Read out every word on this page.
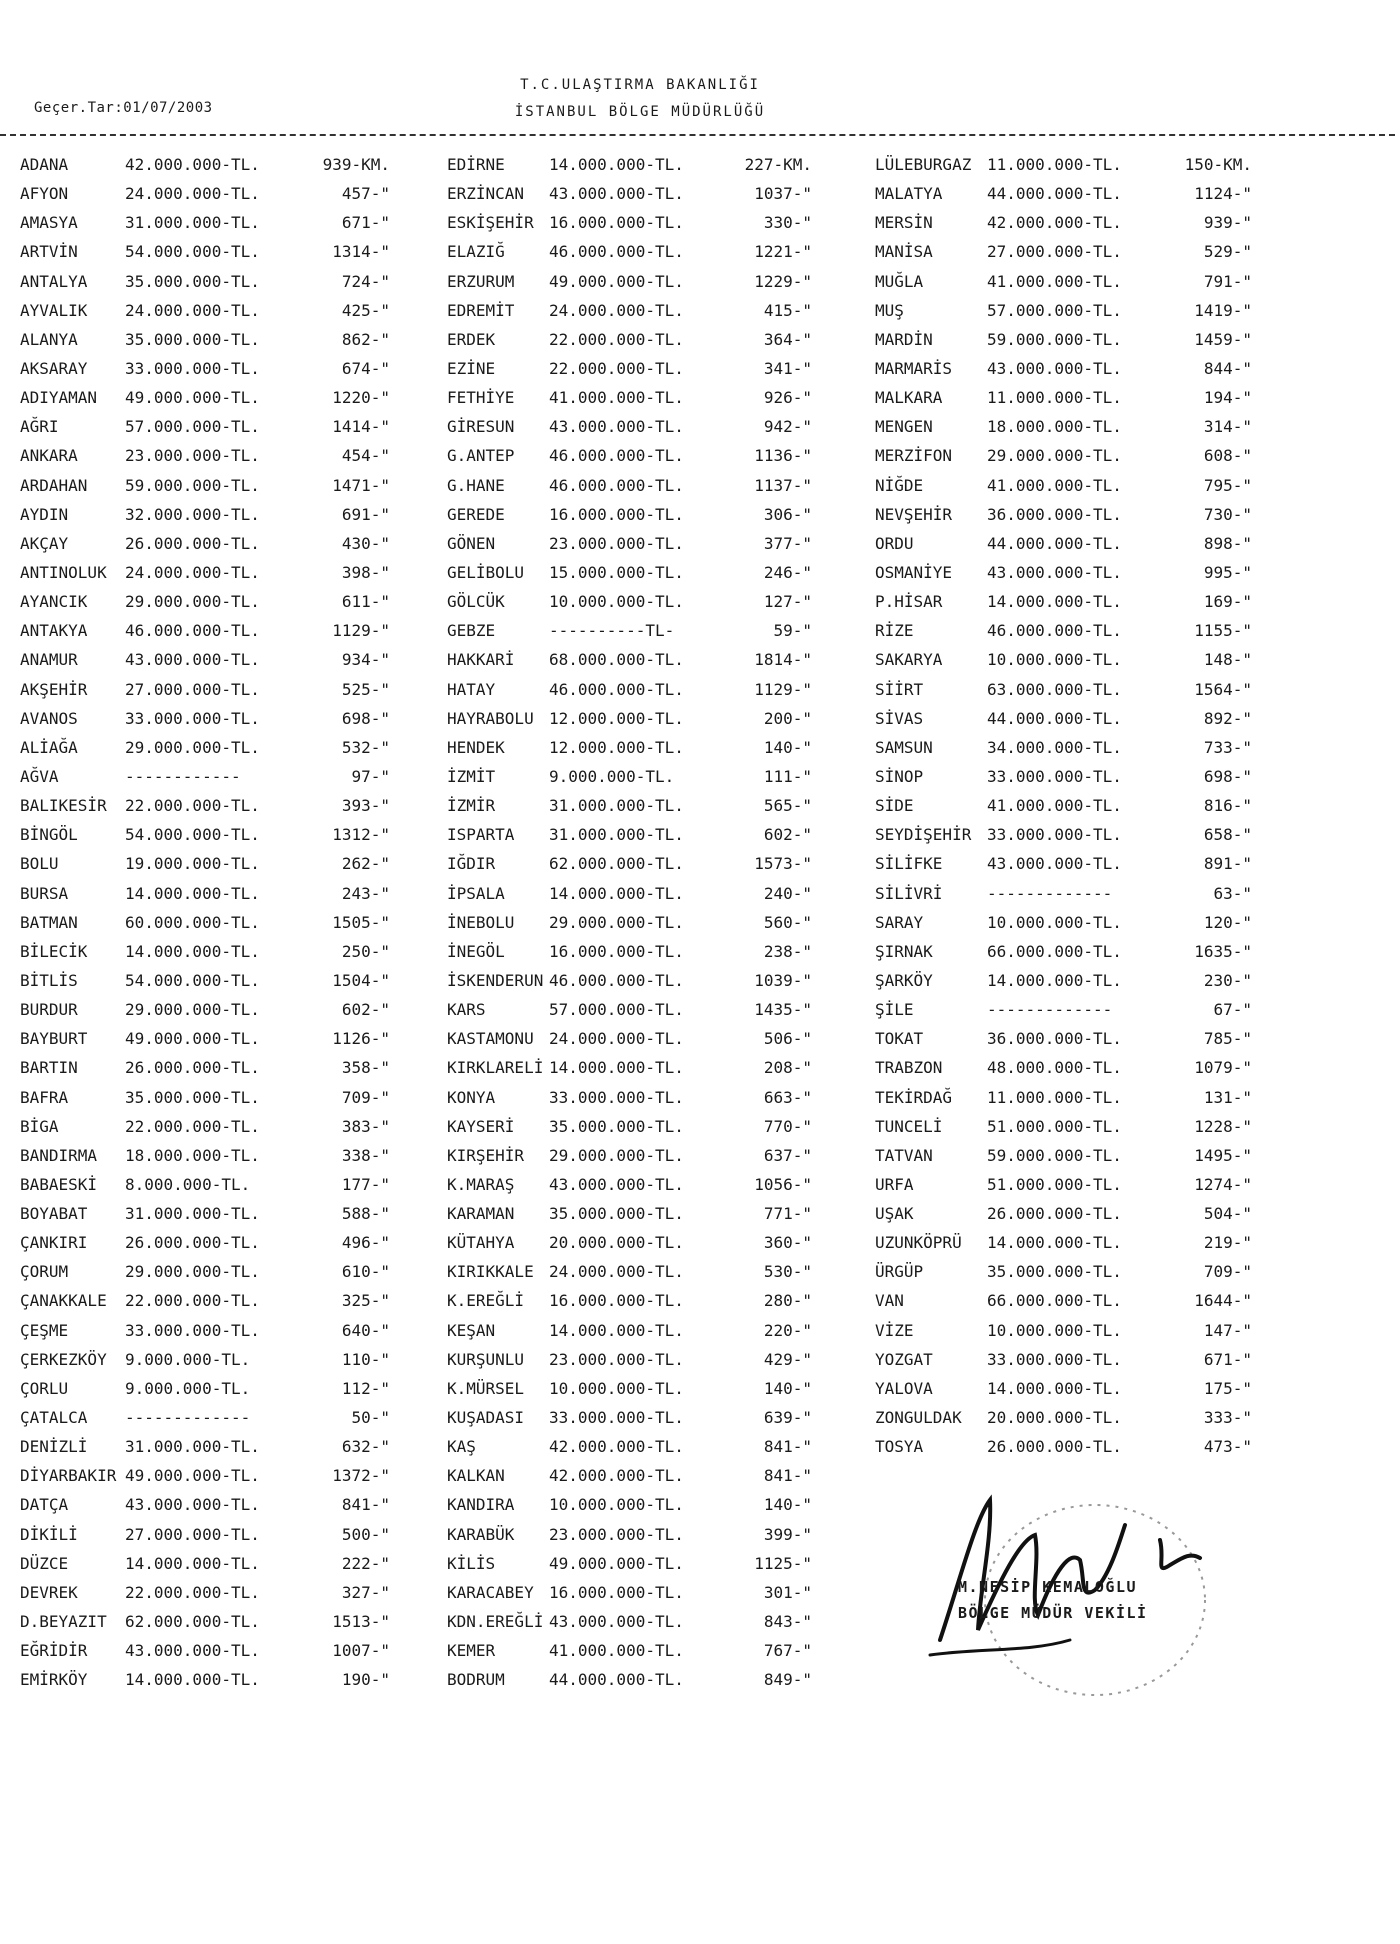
Geçer.Tar:01/07/2003
T.C.ULAŞTIRMA BAKANLIĞI
İSTANBUL BÖLGE MÜDÜRLÜĞÜ
ADANA	42.000.000-TL.	939-KM.
AFYON	24.000.000-TL.	457-"
AMASYA	31.000.000-TL.	671-"
ARTVİN	54.000.000-TL.	1314-"
ANTALYA 35.000.000-TL.	724-"
AYVALIK 24.000.000-TL.	425-"
ALANYA	35.000.000-TL.	862-"
AKSARAY 33.000.000-TL.	674-"
ADIYAMAN 49.000.000-TL.	1220-"
AĞRI	57.000.000-TL.	1414-"
ANKARA	23.000.000-TL.	454-"
ARDAHAN 59.000.000-TL.	1471-"
AYDIN	32.000.000-TL.	691-"
AKÇAY	26.000.000-TL.	430-"
ANTINOLUK 24.000.000-TL.	398-"
AYANCIK 29.000.000-TL.	611-"
ANTAKYA 46.000.000-TL.	1129-"
ANAMUR	43.000.000-TL.	934-"
AKŞEHİR 27.000.000-TL.	525-"
AVANOS	33.000.000-TL.	698-"
ALİAĞA	29.000.000-TL.	532-"
AĞVA	------------	97-"
BALIKESİR 22.000.000-TL.	393-"
BİNGÖL	54.000.000-TL.	1312-"
BOLU	19.000.000-TL.	262-"
BURSA	14.000.000-TL.	243-"
BATMAN	60.000.000-TL.	1505-"
BİLECİK 14.000.000-TL.	250-"
BİTLİS	54.000.000-TL.	1504-"
BURDUR	29.000.000-TL.	602-"
BAYBURT 49.000.000-TL.	1126-"
BARTIN	26.000.000-TL.	358-"
BAFRA	35.000.000-TL.	709-"
BİGA	22.000.000-TL.	383-"
BANDIRMA 18.000.000-TL.	338-"
BABAESKİ 8.000.000-TL.	177-"
BOYABAT 31.000.000-TL.	588-"
ÇANKIRI 26.000.000-TL.	496-"
ÇORUM	29.000.000-TL.	610-"
ÇANAKKALE 22.000.000-TL.	325-"
ÇEŞME	33.000.000-TL.	640-"
ÇERKEZKÖY 9.000.000-TL.	110-"
ÇORLU	9.000.000-TL.	112-"
ÇATALCA -------------	50-"
DENİZLİ 31.000.000-TL.	632-"
DİYARBAKIR 49.000.000-TL.	1372-"
DATÇA	43.000.000-TL.	841-"
DİKİLİ	27.000.000-TL.	500-"
DÜZCE	14.000.000-TL.	222-"
DEVREK	22.000.000-TL.	327-"
D.BEYAZIT 62.000.000-TL.	1513-"
EĞRİDİR 43.000.000-TL.	1007-"
EMİRKÖY 14.000.000-TL.	190-"
EDİRNE	14.000.000-TL.	227-KM.
ERZİNCAN 43.000.000-TL.	1037-"
ESKİŞEHİR 16.000.000-TL.	330-"
ELAZIĞ	46.000.000-TL.	1221-"
ERZURUM 49.000.000-TL.	1229-"
EDREMİT 24.000.000-TL.	415-"
ERDEK	22.000.000-TL.	364-"
EZİNE	22.000.000-TL.	341-"
FETHİYE 41.000.000-TL.	926-"
GİRESUN 43.000.000-TL.	942-"
G.ANTEP 46.000.000-TL.	1136-"
G.HANE	46.000.000-TL.	1137-"
GEREDE	16.000.000-TL.	306-"
GÖNEN	23.000.000-TL.	377-"
GELİBOLU 15.000.000-TL.	246-"
GÖLCÜK	10.000.000-TL.	127-"
GEBZE	----------TL-	59-"
HAKKARİ 68.000.000-TL.	1814-"
HATAY	46.000.000-TL.	1129-"
HAYRABOLU 12.000.000-TL.	200-"
HENDEK	12.000.000-TL.	140-"
İZMİT	9.000.000-TL.	111-"
İZMİR	31.000.000-TL.	565-"
ISPARTA 31.000.000-TL.	602-"
IĞDIR	62.000.000-TL.	1573-"
İPSALA	14.000.000-TL.	240-"
İNEBOLU 29.000.000-TL.	560-"
İNEGÖL	16.000.000-TL.	238-"
İSKENDERUN 46.000.000-TL.	1039-"
KARS	57.000.000-TL.	1435-"
KASTAMONU 24.000.000-TL.	506-"
KIRKLARELİ 14.000.000-TL.	208-"
KONYA	33.000.000-TL.	663-"
KAYSERİ 35.000.000-TL.	770-"
KIRŞEHİR 29.000.000-TL.	637-"
K.MARAŞ 43.000.000-TL.	1056-"
KARAMAN 35.000.000-TL.	771-"
KÜTAHYA 20.000.000-TL.	360-"
KIRIKKALE 24.000.000-TL.	530-"
K.EREĞLİ 16.000.000-TL.	280-"
KEŞAN	14.000.000-TL.	220-"
KURŞUNLU 23.000.000-TL.	429-"
K.MÜRSEL 10.000.000-TL.	140-"
KUŞADASI 33.000.000-TL.	639-"
KAŞ	42.000.000-TL.	841-"
KALKAN	42.000.000-TL.	841-"
KANDIRA 10.000.000-TL.	140-"
KARABÜK 23.000.000-TL.	399-"
KİLİS	49.000.000-TL.	1125-"
KARACABEY 16.000.000-TL.	301-"
KDN.EREĞLİ 43.000.000-TL.	843-"
KEMER	41.000.000-TL.	767-"
BODRUM	44.000.000-TL.	849-"
LÜLEBURGAZ 11.000.000-TL.	150-KM.
MALATYA	44.000.000-TL.	1124-"
MERSİN	42.000.000-TL.	939-"
MANİSA	27.000.000-TL.	529-"
MUĞLA	41.000.000-TL.	791-"
MUŞ	57.000.000-TL.	1419-"
MARDİN	59.000.000-TL.	1459-"
MARMARİS 43.000.000-TL.	844-"
MALKARA	11.000.000-TL.	194-"
MENGEN	18.000.000-TL.	314-"
MERZİFON 29.000.000-TL.	608-"
NİĞDE	41.000.000-TL.	795-"
NEVŞEHİR 36.000.000-TL.	730-"
ORDU	44.000.000-TL.	898-"
OSMANİYE 43.000.000-TL.	995-"
P.HİSAR	14.000.000-TL.	169-"
RİZE	46.000.000-TL.	1155-"
SAKARYA	10.000.000-TL.	148-"
SİİRT	63.000.000-TL.	1564-"
SİVAS	44.000.000-TL.	892-"
SAMSUN	34.000.000-TL.	733-"
SİNOP	33.000.000-TL.	698-"
SİDE	41.000.000-TL.	816-"
SEYDİŞEHİR 33.000.000-TL.	658-"
SİLİFKE	43.000.000-TL.	891-"
SİLİVRİ	-------------	63-"
SARAY	10.000.000-TL.	120-"
ŞIRNAK	66.000.000-TL.	1635-"
ŞARKÖY	14.000.000-TL.	230-"
ŞİLE	-------------	67-"
TOKAT	36.000.000-TL.	785-"
TRABZON	48.000.000-TL.	1079-"
TEKİRDAĞ 11.000.000-TL.	131-"
TUNCELİ	51.000.000-TL.	1228-"
TATVAN	59.000.000-TL.	1495-"
URFA	51.000.000-TL.	1274-"
UŞAK	26.000.000-TL.	504-"
UZUNKÖPRÜ 14.000.000-TL.	219-"
ÜRGÜP	35.000.000-TL.	709-"
VAN	66.000.000-TL.	1644-"
VİZE	10.000.000-TL.	147-"
YOZGAT	33.000.000-TL.	671-"
YALOVA	14.000.000-TL.	175-"
ZONGULDAK 20.000.000-TL.	333-"
TOSYA	26.000.000-TL.	473-"
M.NESİP KEMALOĞLU
BÖLGE MÜDÜR VEKİLİ
